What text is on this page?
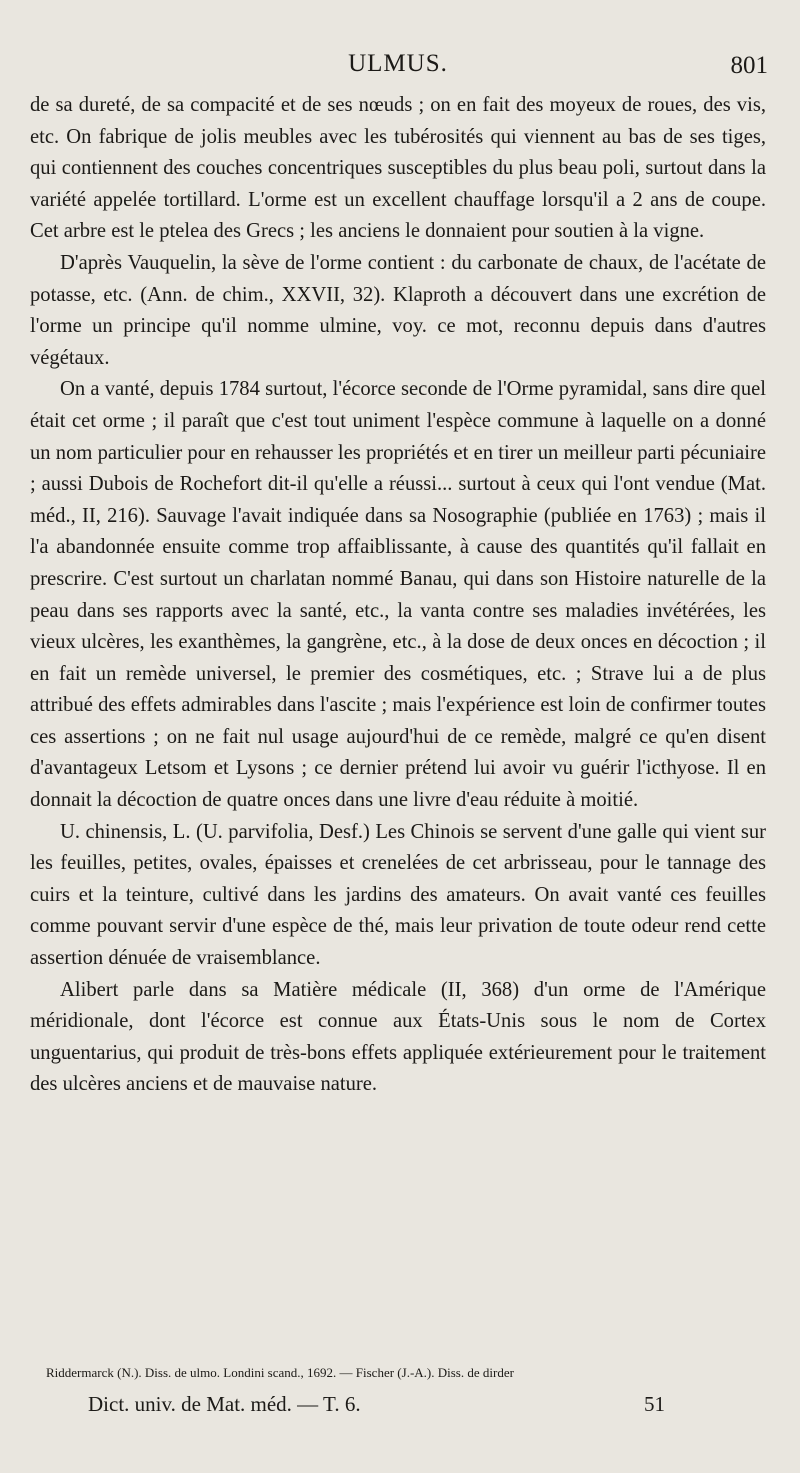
ULMUS.	801

de sa dureté, de sa compacité et de ses nœuds ; on en fait des moyeux de roues, des vis, etc. On fabrique de jolis meubles avec les tubérosités qui viennent au bas de ses tiges, qui contiennent des couches concentriques susceptibles du plus beau poli, surtout dans la variété appelée tortillard. L'orme est un excellent chauffage lorsqu'il a 2 ans de coupe. Cet arbre est le ptelea des Grecs ; les anciens le donnaient pour soutien à la vigne.

D'après Vauquelin, la sève de l'orme contient : du carbonate de chaux, de l'acétate de potasse, etc. (Ann. de chim., XXVII, 32). Klaproth a découvert dans une excrétion de l'orme un principe qu'il nomme ulmine, voy. ce mot, reconnu depuis dans d'autres végétaux.

On a vanté, depuis 1784 surtout, l'écorce seconde de l'Orme pyramidal, sans dire quel était cet orme ; il paraît que c'est tout uniment l'espèce commune à laquelle on a donné un nom particulier pour en rehausser les propriétés et en tirer un meilleur parti pécuniaire ; aussi Dubois de Rochefort dit-il qu'elle a réussi... surtout à ceux qui l'ont vendue (Mat. méd., II, 216). Sauvage l'avait indiquée dans sa Nosographie (publiée en 1763) ; mais il l'a abandonnée ensuite comme trop affaiblissante, à cause des quantités qu'il fallait en prescrire. C'est surtout un charlatan nommé Banau, qui dans son Histoire naturelle de la peau dans ses rapports avec la santé, etc., la vanta contre ses maladies invétérées, les vieux ulcères, les exanthèmes, la gangrène, etc., à la dose de deux onces en décoction ; il en fait un remède universel, le premier des cosmétiques, etc. ; Strave lui a de plus attribué des effets admirables dans l'ascite ; mais l'expérience est loin de confirmer toutes ces assertions ; on ne fait nul usage aujourd'hui de ce remède, malgré ce qu'en disent d'avantageux Letsom et Lysons ; ce dernier prétend lui avoir vu guérir l'icthyose. Il en donnait la décoction de quatre onces dans une livre d'eau réduite à moitié.

U. chinensis, L. (U. parvifolia, Desf.) Les Chinois se servent d'une galle qui vient sur les feuilles, petites, ovales, épaisses et crenelées de cet arbrisseau, pour le tannage des cuirs et la teinture, cultivé dans les jardins des amateurs. On avait vanté ces feuilles comme pouvant servir d'une espèce de thé, mais leur privation de toute odeur rend cette assertion dénuée de vraisemblance.

Alibert parle dans sa Matière médicale (II, 368) d'un orme de l'Amérique méridionale, dont l'écorce est connue aux États-Unis sous le nom de Cortex unguentarius, qui produit de très-bons effets appliquée extérieurement pour le traitement des ulcères anciens et de mauvaise nature.

Riddermarck (N.). Diss. de ulmo. Londini scand., 1692. — Fischer (J.-A.). Diss. de dirder
Dict. univ. de Mat. méd. — T. 6.	51
